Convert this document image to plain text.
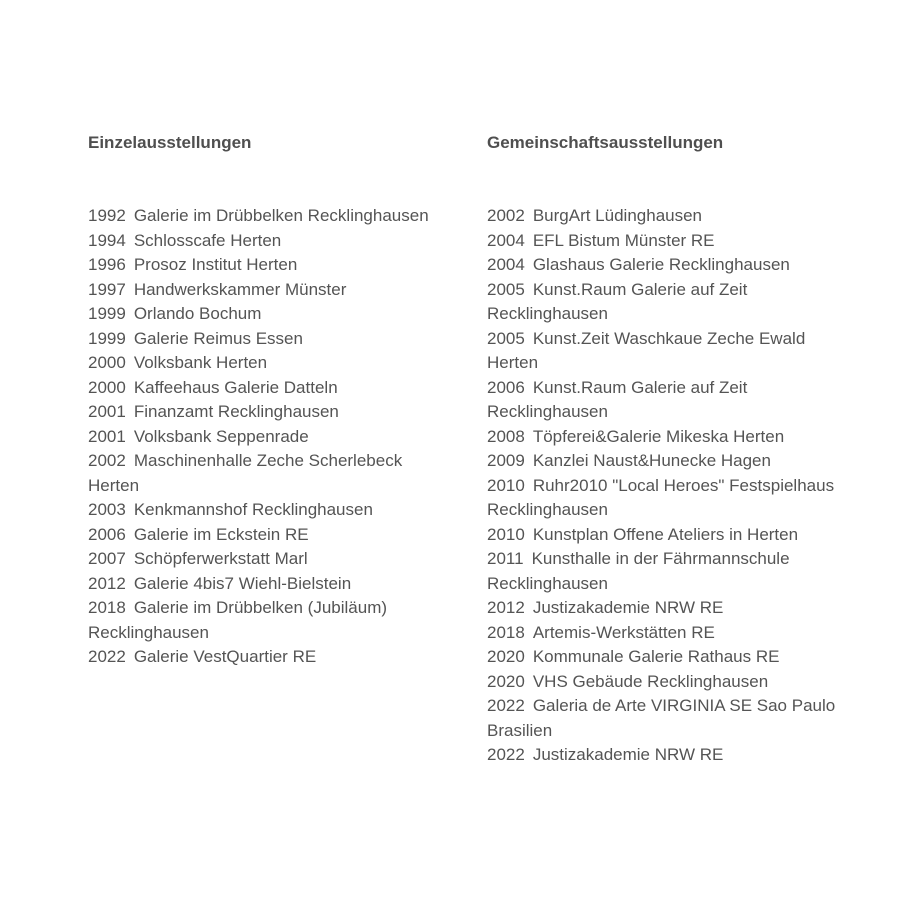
Einzelausstellungen
1992 Galerie im Drübbelken Recklinghausen
1994 Schlosscafe Herten
1996 Prosoz Institut Herten
1997 Handwerkskammer Münster
1999 Orlando Bochum
1999 Galerie Reimus Essen
2000 Volksbank Herten
2000 Kaffeehaus Galerie Datteln
2001 Finanzamt Recklinghausen
2001 Volksbank Seppenrade
2002 Maschinenhalle Zeche Scherlebeck Herten
2003 Kenkmannshof Recklinghausen
2006 Galerie im Eckstein RE
2007 Schöpferwerkstatt Marl
2012 Galerie 4bis7 Wiehl-Bielstein
2018 Galerie im Drübbelken (Jubiläum) Recklinghausen
2022 Galerie VestQuartier RE
Gemeinschaftsausstellungen
2002 BurgArt Lüdinghausen
2004 EFL Bistum Münster RE
2004 Glashaus Galerie Recklinghausen
2005 Kunst.Raum Galerie auf Zeit Recklinghausen
2005 Kunst.Zeit Waschkaue Zeche Ewald Herten
2006 Kunst.Raum Galerie auf Zeit Recklinghausen
2008 Töpferei&Galerie Mikeska Herten
2009 Kanzlei Naust&Hunecke Hagen
2010 Ruhr2010 "Local Heroes" Festspielhaus Recklinghausen
2010 Kunstplan Offene Ateliers in Herten
2011 Kunsthalle in der Fährmannschule Recklinghausen
2012 Justizakademie NRW RE
2018 Artemis-Werkstätten RE
2020 Kommunale Galerie Rathaus RE
2020 VHS Gebäude Recklinghausen
2022 Galeria de Arte VIRGINIA SE Sao Paulo Brasilien
2022 Justizakademie NRW RE
